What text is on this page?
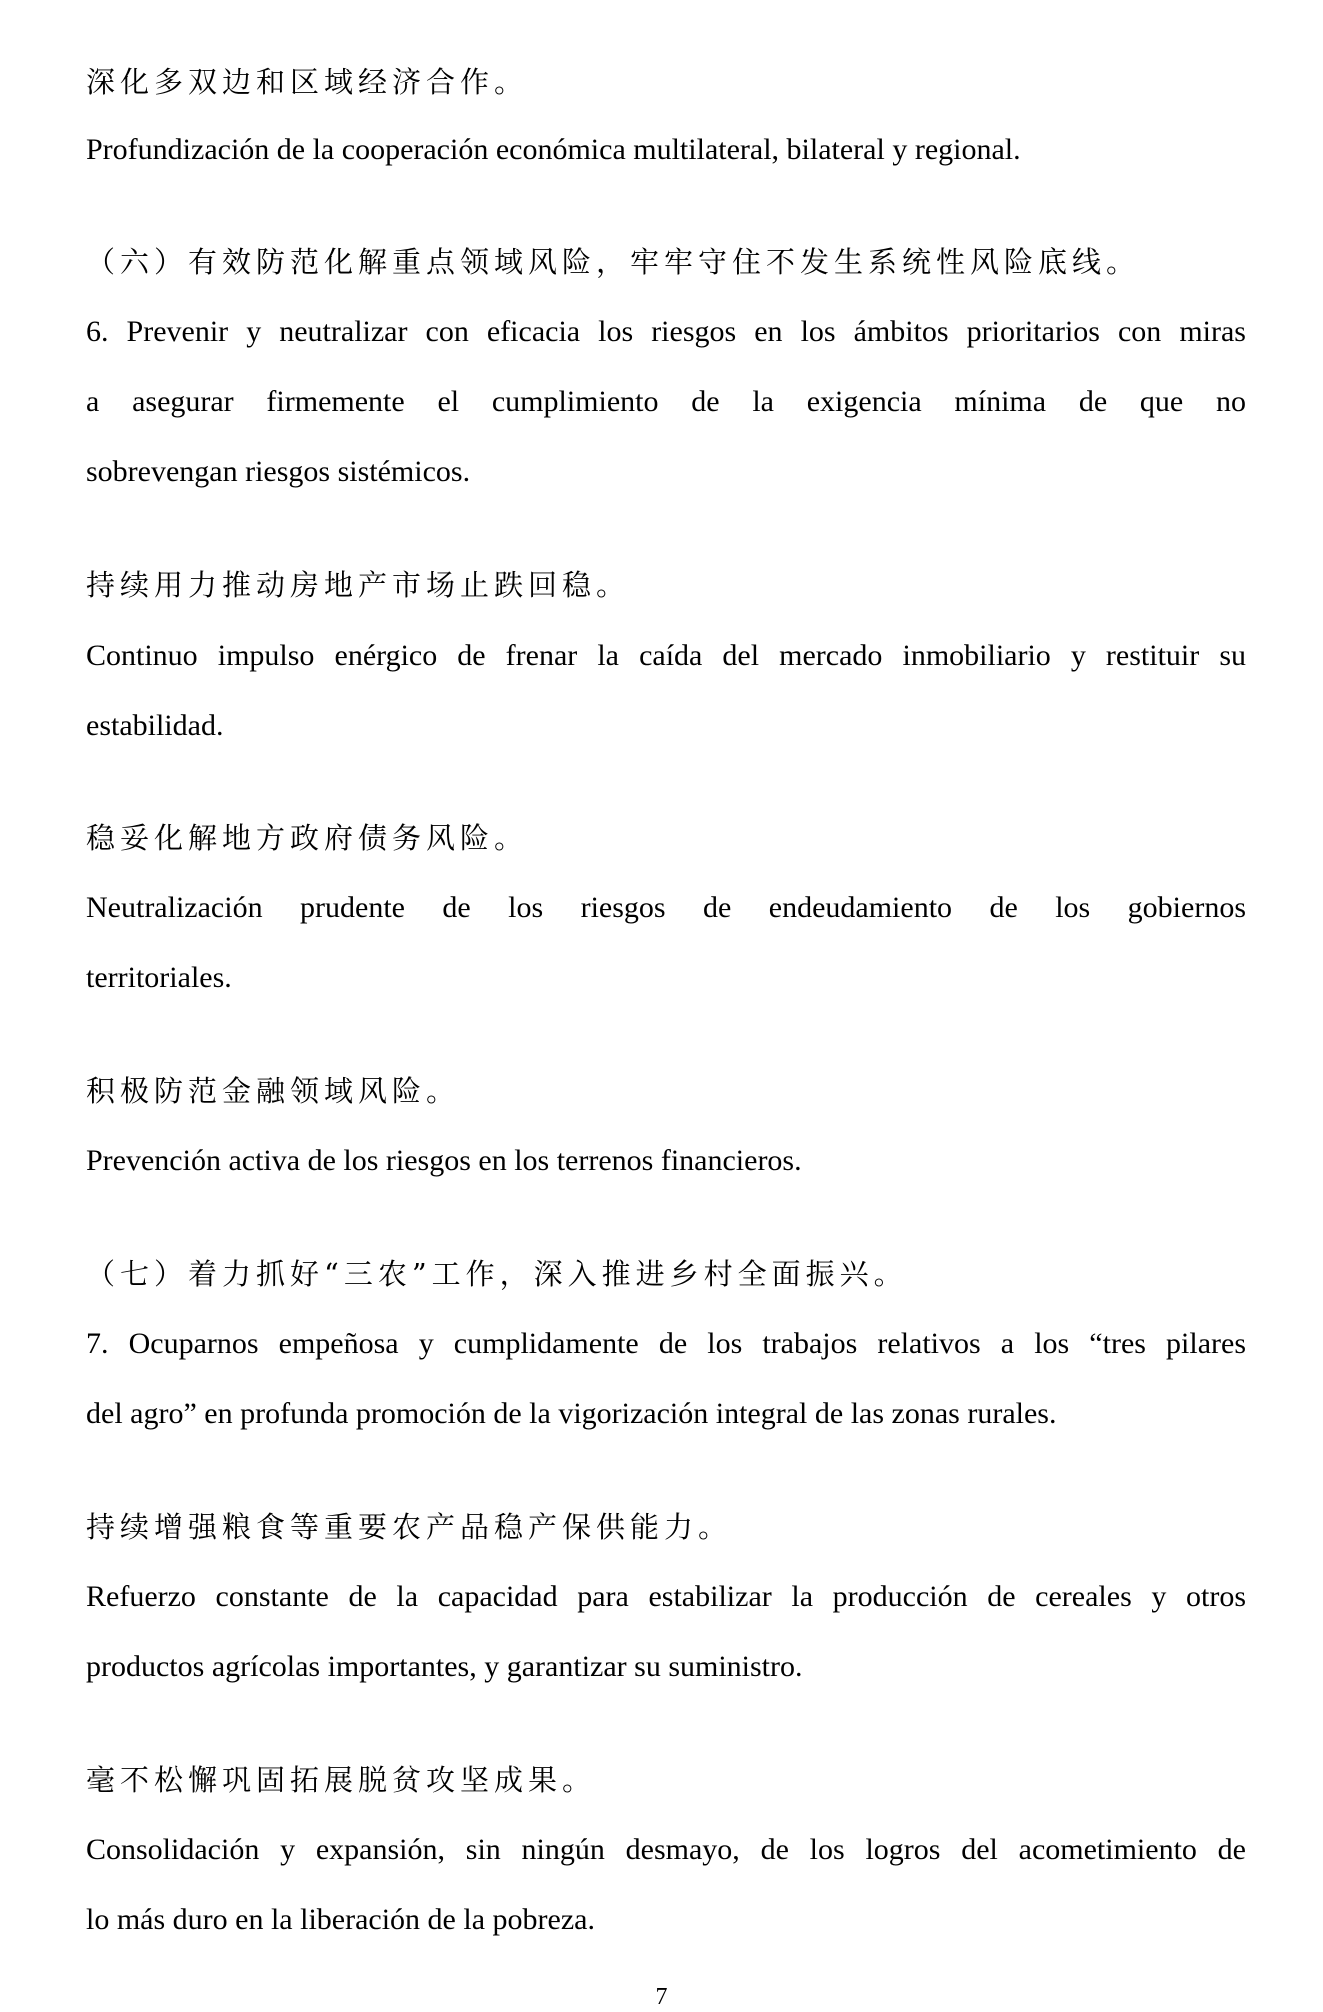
深化多双边和区域经济合作。

Profundización de la cooperación económica multilateral, bilateral y regional.

（六）有效防范化解重点领域风险，牢牢守住不发生系统性风险底线。

6. Prevenir y neutralizar con eficacia los riesgos en los ámbitos prioritarios con miras

a asegurar firmemente el cumplimiento de la exigencia mínima de que no

sobrevengan riesgos sistémicos.

持续用力推动房地产市场止跌回稳。

Continuo impulso enérgico de frenar la caída del mercado inmobiliario y restituir su

estabilidad.

稳妥化解地方政府债务风险。

Neutralización prudente de los riesgos de endeudamiento de los gobiernos

territoriales.

积极防范金融领域风险。

Prevención activa de los riesgos en los terrenos financieros.

（七）着力抓好“三农”工作，深入推进乡村全面振兴。

7. Ocuparnos empeñosa y cumplidamente de los trabajos relativos a los “tres pilares

del agro” en profunda promoción de la vigorización integral de las zonas rurales.

持续增强粮食等重要农产品稳产保供能力。

Refuerzo constante de la capacidad para estabilizar la producción de cereales y otros

productos agrícolas importantes, y garantizar su suministro.

毫不松懈巩固拓展脱贫攻坚成果。

Consolidación y expansión, sin ningún desmayo, de los logros del acometimiento de

lo más duro en la liberación de la pobreza.

7
